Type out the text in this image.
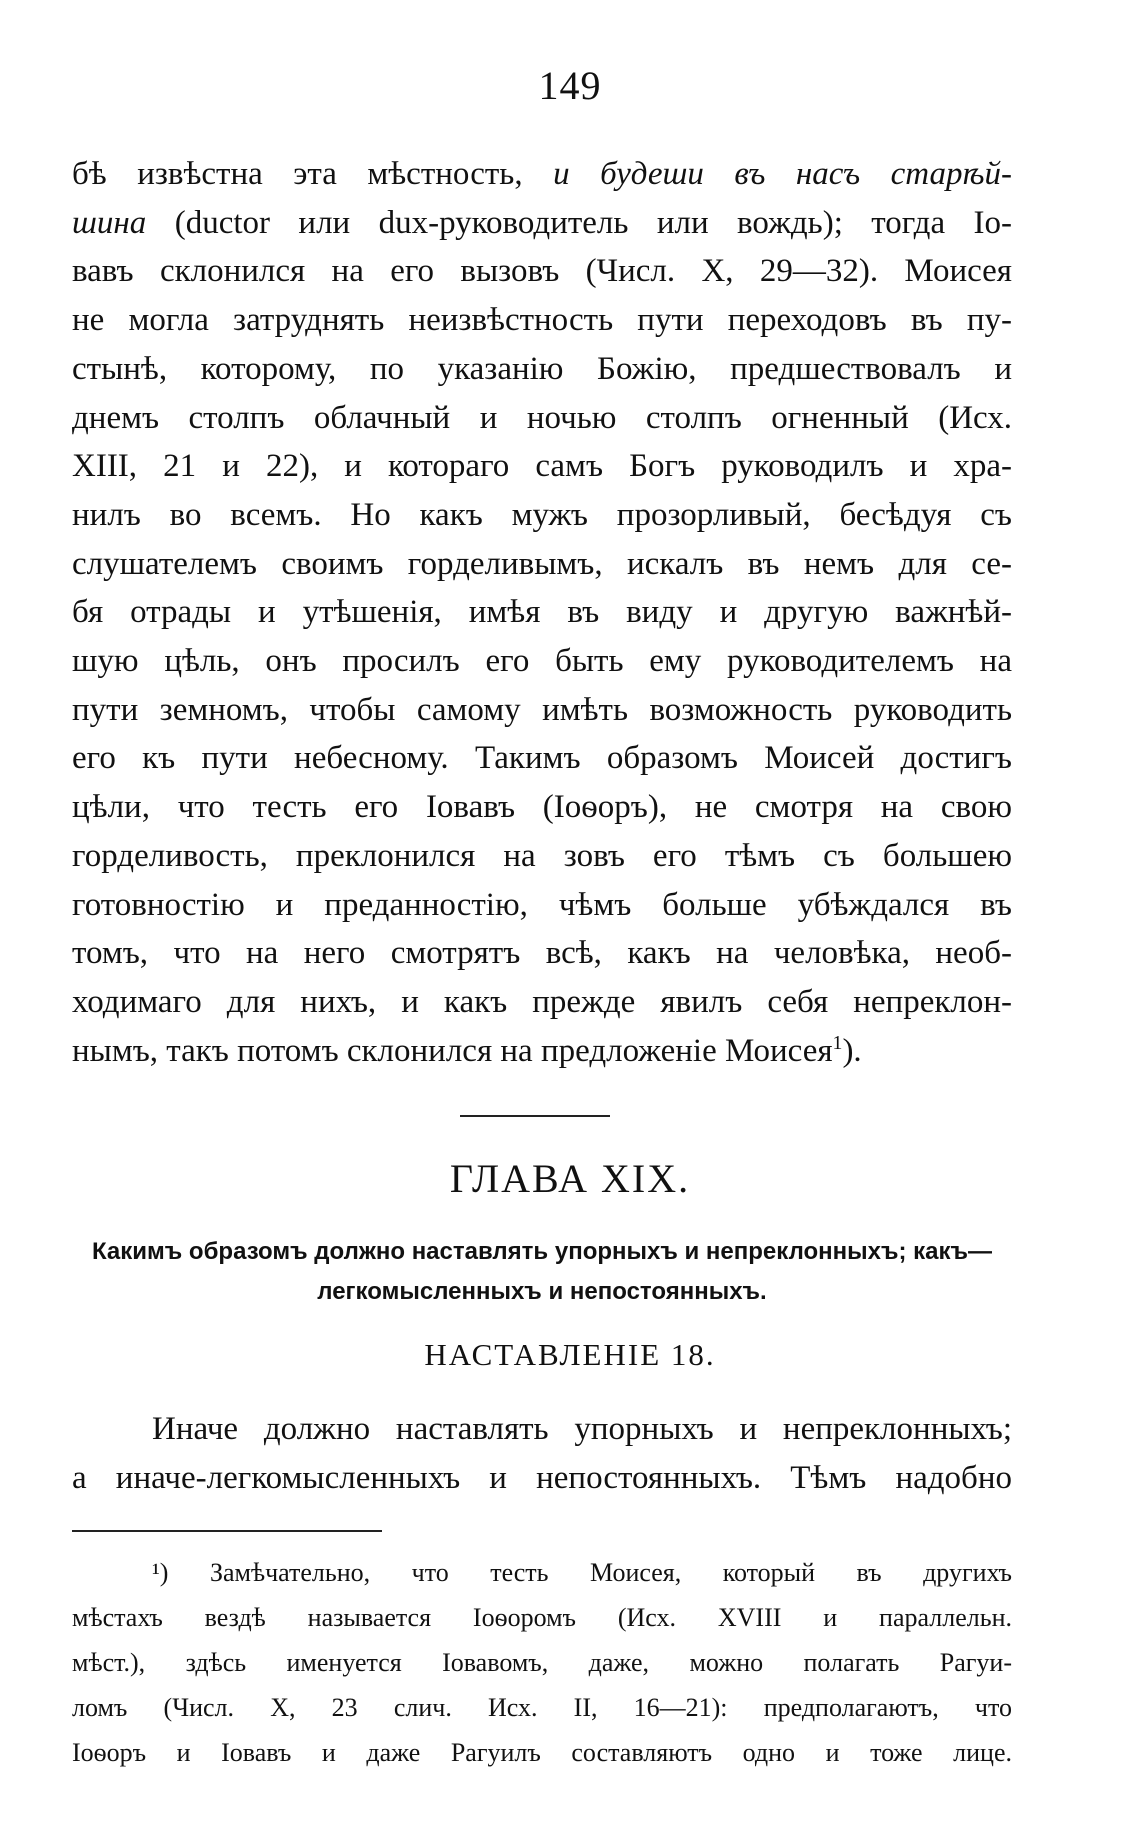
149
бѣ извѣстна эта мѣстность, и будеши въ насъ старѣй-
шина (ductor или dux-руководитель или вождь); тогда Іо-
вавъ склонился на его вызовъ (Числ. X, 29—32). Моисея
не могла затруднять неизвѣстность пути переходовъ въ пу-
стынѣ, которому, по указанію Божію, предшествовалъ и
днемъ столпъ облачный и ночью столпъ огненный (Исх.
XIII, 21 и 22), и котораго самъ Богъ руководилъ и хра-
нилъ во всемъ. Но какъ мужъ прозорливый, бесѣдуя съ
слушателемъ своимъ горделивымъ, искалъ въ немъ для се-
бя отрады и утѣшенія, имѣя въ виду и другую важнѣй-
шую цѣль, онъ просилъ его быть ему руководителемъ на
пути земномъ, чтобы самому имѣть возможность руководить
его къ пути небесному. Такимъ образомъ Моисей достигъ
цѣли, что тесть его Іовавъ (Іоѳоръ), не смотря на свою
горделивость, преклонился на зовъ его тѣмъ съ большею
готовностію и преданностію, чѣмъ больше убѣждался въ
томъ, что на него смотрятъ всѣ, какъ на человѣка, необ-
ходимаго для нихъ, и какъ прежде явилъ себя непреклон-
нымъ, такъ потомъ склонился на предложеніе Моисея$^1$).
ГЛАВА XIX.
Какимъ образомъ должно наставлять упорныхъ и непреклонныхъ; какъ—
легкомысленныхъ и непостоянныхъ.
НАСТАВЛЕНІЕ 18.
Иначе должно наставлять упорныхъ и непреклонныхъ;
а иначе-легкомысленныхъ и непостоянныхъ. Тѣмъ надобно
¹) Замѣчательно, что тесть Моисея, который въ другихъ
мѣстахъ вездѣ называется Іоѳоромъ (Исх. XVIII и параллельн.
мѣст.), здѣсь именуется Іовавомъ, даже, можно полагать Рагуи-
ломъ (Числ. X, 23 слич. Исх. II, 16—21): предполагаютъ, что
Іоѳоръ и Іовавъ и даже Рагуилъ составляютъ одно и тоже лице.
